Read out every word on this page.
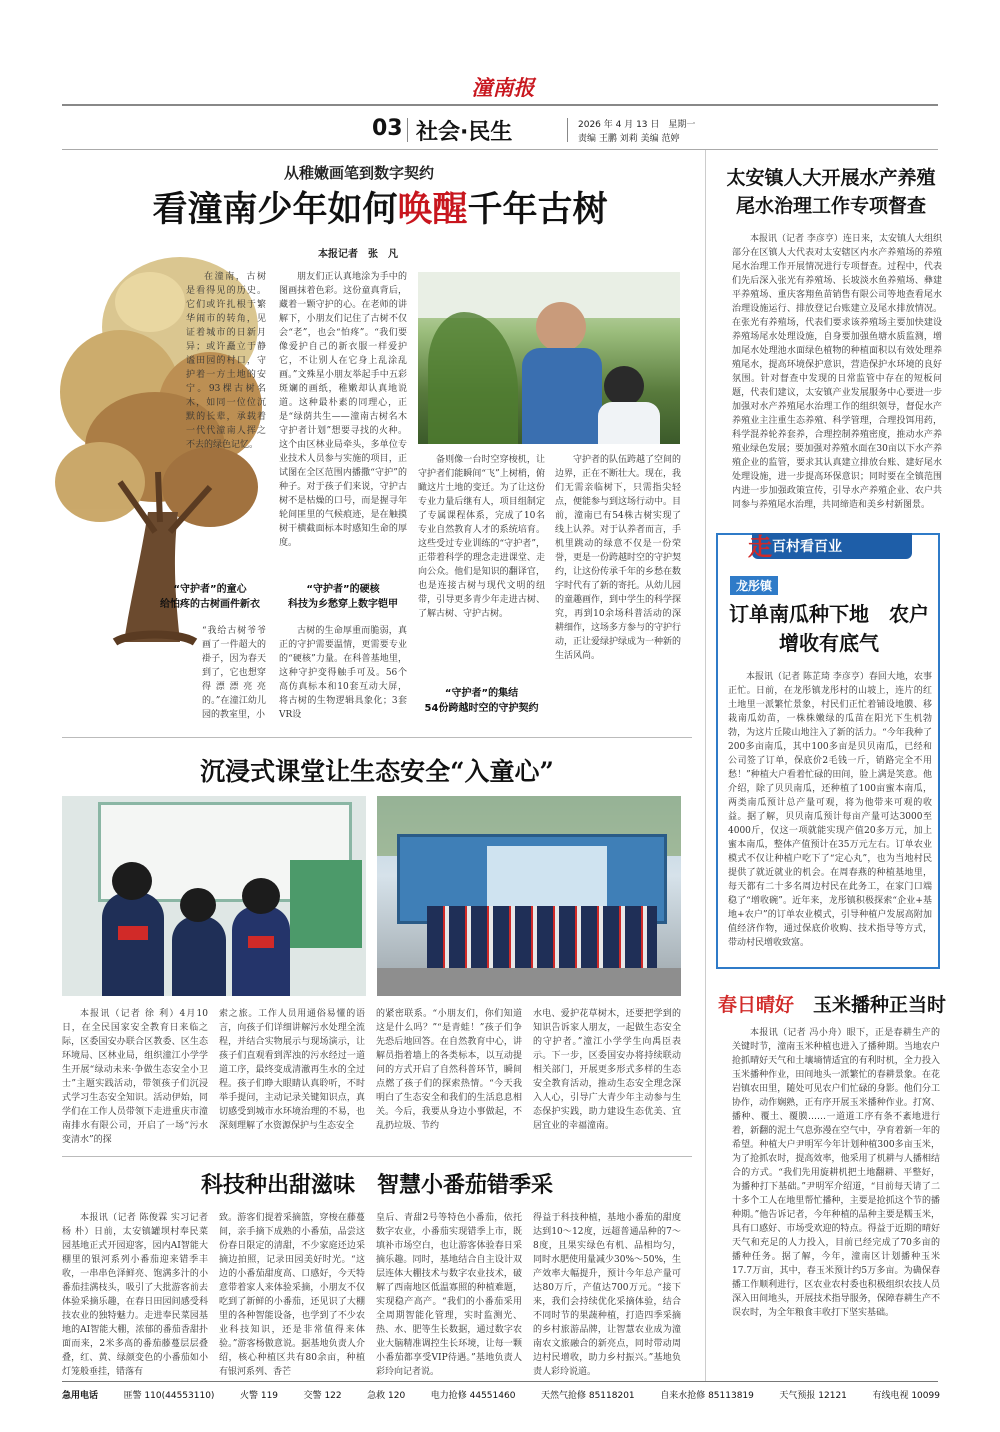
潼南报
03 社会·民生	2026 年 4 月 13 日　星期一
责编 王鹏 刘莉 美编 范婷
从稚嫩画笔到数字契约
看潼南少年如何唤醒千年古树
本报记者　张　凡
在潼南，古树是看得见的历史。它们或许扎根于繁华闹市的转角，见证着城市的日新月异；或许矗立于静谧田园的村口，守护着一方土地的安宁。93棵古树名木，如同一位位沉默的长辈，承载着一代代潼南人挥之不去的绿色记忆。
“守护者”的童心
给怕疼的古树画件新衣
“我给古树爷爷画了一件超大的褂子，因为春天到了，它也想穿得漂漂亮亮的。”在潼江幼儿园的教室里，小
朋友们正认真地涂为手中的图画抹着色彩。这份童真背后，藏着一颗守护的心。在老师的讲解下，小朋友们记住了古树不仅会“老”，也会“怕疼”。“我们要像爱护自己的新衣服一样爱护它，不让别人在它身上乱涂乱画。”文殊星小朋友举起手中五彩斑斓的画纸，稚嫩却认真地说道。这种最朴素的同理心，正是“绿荫共生——潼南古树名木守护者计划”想要寻找的火种。这个由区林业局牵头，多单位专业技术人员参与实施的项目，正试图在全区范围内播撒“守护”的种子。对于孩子们来说，守护古树不是枯燥的口号，而是握寻年轮间匪里的气候痕迹，是在触摸树干横截面标本时感知生命的厚度。
“守护者”的硬核
科技为乡愁穿上数字铠甲
古树的生命厚重而脆弱，真正的守护需要温情，更需要专业的“硬核”力量。在科普基地里，这种守护变得触手可及。56个高仿真标本和10套互动大屏，将古树的生物逻辑具象化；3套VR设
备则像一台时空穿梭机，让守护者们能瞬间“飞”上树梢，俯瞰这片土地的变迁。为了让这份专业力量后继有人，项目组制定了专属课程体系，完成了10名专业自然教育人才的系统培育。这些受过专业训练的“守护者”，正带着科学的理念走进课堂、走向公众。他们是知识的翻译官，也是连接古树与现代文明的纽带，引导更多青少年走进古树、了解古树、守护古树。
“守护者”的集结
54份跨越时空的守护契约
守护者的队伍跨越了空间的边界，正在不断壮大。现在，我们无需亲临树下，只需指尖轻点，便能参与到这场行动中。目前，潼南已有54株古树实现了线上认养。对于认养者而言，手机里跳动的绿意不仅是一份荣誉，更是一份跨越时空的守护契约，让这份传承千年的乡愁在数字时代有了新的寄托。从幼儿园的童趣画作，到中学生的科学探究，再到10余场科普活动的深耕细作，这场多方参与的守护行动，正让爱绿护绿成为一种新的生活风尚。
沉浸式课堂让生态安全“入童心”
本报讯（记者 徐 利）4月10日，在全民国家安全教育日来临之际，区委国安办联合区教委、区生态环境局、区林业局，组织潼江小学学生开展“绿动未来·争做生态安全小卫士”主题实践活动，带领孩子们沉浸式学习生态安全知识。活动伊始，同学们在工作人员带领下走进重庆市潼南排水有限公司，开启了一场“污水变清水”的探
索之旅。工作人员用通俗易懂的语言，向孩子们详细讲解污水处理全流程，并结合实物展示与现场演示，让孩子们直观看到浑浊的污水经过一道道工序，最终变成清澈再生水的全过程。孩子们睁大眼睛认真聆听，不时举手提问，主动记录关键知识点，真切感受到城市水环境治理的不易，也深刻理解了水资源保护与生态安全
的紧密联系。“小朋友们，你们知道这是什么吗？”“是青蛙！”孩子们争先恐后地回答。在自然教育中心，讲解员指着墙上的各类标本，以互动提问的方式开启了自然科普环节，瞬间点燃了孩子们的探索热情。“今天我明白了生态安全和我们的生活息息相关。今后，我要从身边小事做起，不乱扔垃圾、节约
水电、爱护花草树木，还要把学到的知识告诉家人朋友，一起做生态安全的守护者。”潼江小学学生向禹臣表示。下一步，区委国安办将持续联动相关部门，开展更多形式多样的生态安全教育活动，推动生态安全理念深入人心，引导广大青少年主动参与生态保护实践，助力建设生态优美、宜居宜业的幸福潼南。
科技种出甜滋味　智慧小番茄错季采
本报讯（记者 陈俊霖 实习记者 杨 朴）日前，太安镇罐坝村奉民菜园基地正式开园迎客，园内AI智能大棚里的银河系列小番茄迎来错季丰收，一串串色泽鲜亮、饱满多汁的小番茄挂满枝头，吸引了大批游客前去体验采摘乐趣，在春日田园间感受科技农业的独特魅力。走进奉民菜园基地的AI智能大棚，浓郁的番茄香甜扑面而来，2米多高的番茄藤蔓层层叠叠，红、黄、绿颜变色的小番茄如小灯笼般垂挂，错落有
致。游客们提着采摘篮，穿梭在藤蔓间，亲手摘下成熟的小番茄，品尝这份春日限定的清甜，不少家庭还边采摘边拍照，记录田园美好时光。“这边的小番茄甜度高、口感好，今天特意带着家人来体验采摘，小朋友不仅吃到了新鲜的小番茄，还见识了大棚里的各种智能设备，也学到了不少农业科技知识，还是非常值得来体验。”游客杨傲意说。据基地负责人介绍，核心种植区共有80余亩，种植有银河系列、香芒
皇后、青甜2号等特色小番茄，依托数字农业，小番茄实现错季上市，既填补市场空白，也让游客体验春日采摘乐趣。同时，基地结合自主设计双层连体大棚技术与数字农业技术，破解了西南地区低温寡照的种植难题，实现稳产高产。“我们的小番茄采用全周期智能化管理，实时监测光、热、水、肥等生长数据，通过数字农业大脑精准调控生长环境，让每一颗小番茄都享受VIP待遇。”基地负责人彩玲向记者说。
得益于科技种植，基地小番茄的甜度达到10～12度，远超普通品种的7～8度，且果实绿色有机、品相均匀，同时水肥使用量减少30%～50%，生产效率大幅提升，预计今年总产量可达80万斤，产值达700万元。“接下来，我们会持续优化采摘体验，结合不同时节的果蔬种植，打造四季采摘的乡村旅游品牌，让智慧农业成为潼南农文旅融合的新亮点，同时带动周边村民增收，助力乡村振兴。”基地负责人彩玲说道。
太安镇人大开展水产养殖尾水治理工作专项督查
本报讯（记者 李彦亨）连日来，太安镇人大组织部分在区镇人大代表对太安辖区内水产养殖场的养殖尾水治理工作开展情况进行专项督查。过程中，代表们先后深入张光有养殖场、长坡淡水鱼养殖场、彝建平养殖场、重庆客翔鱼苗销售有限公司等地查看尾水治理设施运行、排放登记台账建立及尾水排放情况。在张光有养殖场，代表们要求该养殖场主要加快建设养殖场尾水处理设施，自身要加强鱼塘水质监测，增加尾水处理池水面绿色植物的种植面积以有效处理养殖尾水，提高环境保护意识，营造保护水环境的良好氛围。针对督查中发现的日常监管中存在的短板问题，代表们建议，太安镇产业发展服务中心要进一步加强对水产养殖尾水治理工作的组织领导，督促水产养殖业主注重生态养殖、科学管理，合理投饵用药，科学混养轮养套养，合理控制养殖密度，推动水产养殖业绿色发展；要加强对养殖水面在30亩以下水产养殖企业的监管，要求其认真建立排放台账、建好尾水处理设施，进一步提高环保意识；同时要在全镇范围内进一步加强政策宣传，引导水产养殖企业、农户共同参与养殖尾水治理，共同缔造和美乡村新图景。
走 百村看百业
龙彤镇
订单南瓜种下地　农户增收有底气
本报讯（记者 陈芷琦 李彦亨）春回大地，农事正忙。日前，在龙彤镇龙彤村的山坡上，连片的红土地里一派繁忙景象，村民们正忙着铺设地膜、移栽南瓜幼苗，一株株嫩绿的瓜苗在阳光下生机勃勃，为这片丘陵山地注入了新的活力。“今年我种了200多亩南瓜，其中100多亩是贝贝南瓜，已经和公司签了订单，保底价2毛钱一斤，销路完全不用愁！”种植大户看着忙碌的田间，脸上满是笑意。他介绍，除了贝贝南瓜，还种植了100亩蜜本南瓜，两类南瓜预计总产量可观，将为他带来可观的收益。据了解，贝贝南瓜预计每亩产量可达3000至4000斤，仅这一项就能实现产值20多万元，加上蜜本南瓜，整体产值预计在35万元左右。订单农业模式不仅让种植户吃下了“定心丸”，也为当地村民提供了就近就业的机会。在周春燕的种植基地里，每天都有二十多名周边村民在此务工，在家门口端稳了“增收碗”。近年来，龙彤镇积极探索“企业+基地+农户”的订单农业模式，引导种植户发展高附加值经济作物，通过保底价收购、技术指导等方式，带动村民增收致富。
春日晴好　 玉米播种正当时
本报讯（记者 冯小舟）眼下，正是春耕生产的关键时节，潼南玉米种植也进入了播种期。当地农户抢抓晴好天气和土壤墒情适宜的有利时机，全力投入玉米播种作业，田间地头一派繁忙的春耕景象。在花岩镇农田里，随处可见农户们忙碌的身影。他们分工协作，动作娴熟，正有序开展玉米播种作业。打窝、播种、覆土、覆膜……一道道工序有条不紊地进行着，新翻的泥土气息弥漫在空气中，孕育着新一年的希望。种植大户尹明军今年计划种植300多亩玉米，为了抢抓农时，提高效率，他采用了机耕与人播相结合的方式。“我们先用旋耕机把土地翻耕、平整好，为播种打下基础。”尹明军介绍道，“目前每天请了二十多个工人在地里帮忙播种，主要是抢抓这个节的播种期。”他告诉记者，今年种植的品种主要是糯玉米，具有口感好、市场受欢迎的特点。得益于近期的晴好天气和充足的人力投入，目前已经完成了70多亩的播种任务。据了解，今年，潼南区计划播种玉米17.7万亩，其中，春玉米预计约5万多亩。为确保春播工作顺利进行，区农业农村委也积极组织农技人员深入田间地头，开展技术指导服务，保障春耕生产不误农时，为全年粮食丰收打下坚实基础。
急用电话	匪警 110(44553110)	火警 119	交警 122	急救 120	电力抢修 44551460	天然气抢修 85118201	自来水抢修 85113819	天气预报 12121	有线电视 10099
